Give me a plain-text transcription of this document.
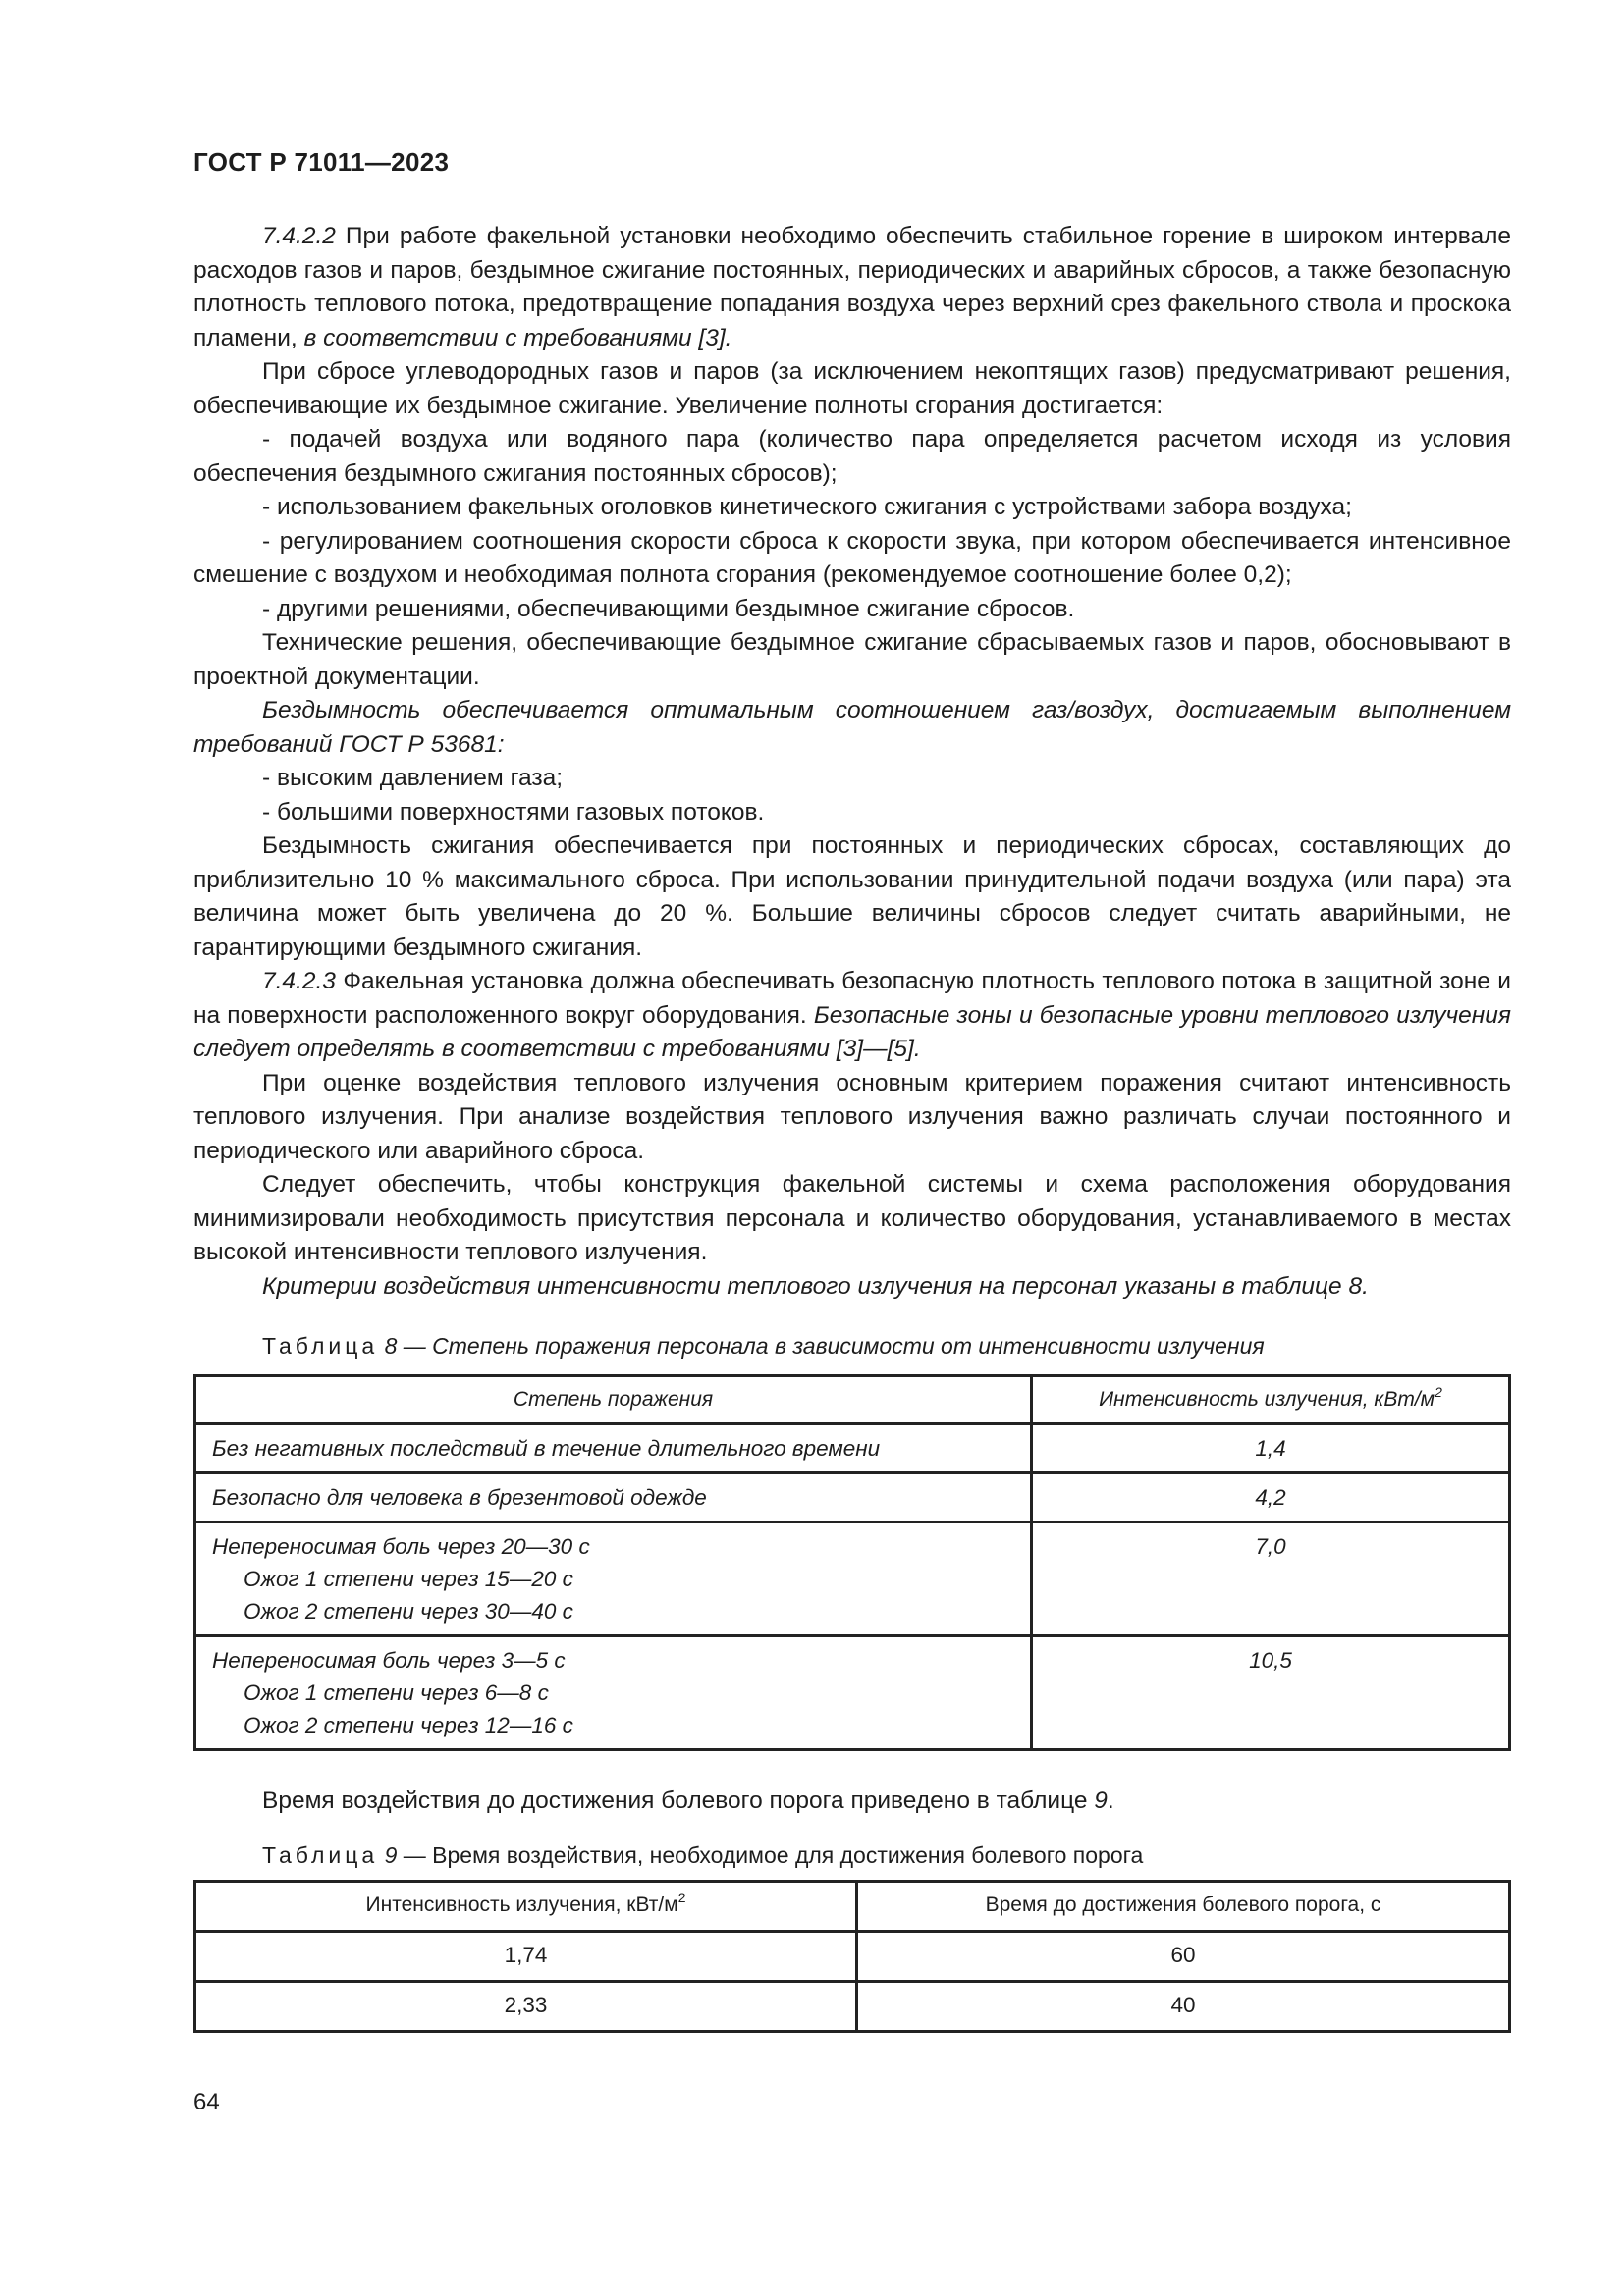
ГОСТ Р 71011—2023

7.4.2.2 При работе факельной установки необходимо обеспечить стабильное горение в широком интервале расходов газов и паров, бездымное сжигание постоянных, периодических и аварийных сбросов, а также безопасную плотность теплового потока, предотвращение попадания воздуха через верхний срез факельного ствола и проскока пламени, в соответствии с требованиями [3].

При сбросе углеводородных газов и паров (за исключением некоптящих газов) предусматривают решения, обеспечивающие их бездымное сжигание. Увеличение полноты сгорания достигается:

- подачей воздуха или водяного пара (количество пара определяется расчетом исходя из условия обеспечения бездымного сжигания постоянных сбросов);

- использованием факельных оголовков кинетического сжигания с устройствами забора воздуха;

- регулированием соотношения скорости сброса к скорости звука, при котором обеспечивается интенсивное смешение с воздухом и необходимая полнота сгорания (рекомендуемое соотношение более 0,2);

- другими решениями, обеспечивающими бездымное сжигание сбросов.

Технические решения, обеспечивающие бездымное сжигание сбрасываемых газов и паров, обосновывают в проектной документации.

Бездымность обеспечивается оптимальным соотношением газ/воздух, достигаемым выполнением требований ГОСТ Р 53681:

- высоким давлением газа;

- большими поверхностями газовых потоков.

Бездымность сжигания обеспечивается при постоянных и периодических сбросах, составляющих до приблизительно 10 % максимального сброса. При использовании принудительной подачи воздуха (или пара) эта величина может быть увеличена до 20 %. Большие величины сбросов следует считать аварийными, не гарантирующими бездымного сжигания.

7.4.2.3 Факельная установка должна обеспечивать безопасную плотность теплового потока в защитной зоне и на поверхности расположенного вокруг оборудования. Безопасные зоны и безопасные уровни теплового излучения следует определять в соответствии с требованиями [3]—[5].

При оценке воздействия теплового излучения основным критерием поражения считают интенсивность теплового излучения. При анализе воздействия теплового излучения важно различать случаи постоянного и периодического или аварийного сброса.

Следует обеспечить, чтобы конструкция факельной системы и схема расположения оборудования минимизировали необходимость присутствия персонала и количество оборудования, устанавливаемого в местах высокой интенсивности теплового излучения.

Критерии воздействия интенсивности теплового излучения на персонал указаны в таблице 8.

Таблица 8 — Степень поражения персонала в зависимости от интенсивности излучения

Степень поражения	Интенсивность излучения, кВт/$м^2$
Без негативных последствий в течение длительного времени	1,4
Безопасно для человека в брезентовой одежде	4,2

Непереносимая боль через 20—30 с
Ожог 1 степени через 15—20 с
Ожог 2 степени через 30—40 с	7,0

Непереносимая боль через 3—5 с
Ожог 1 степени через 6—8 с
Ожог 2 степени через 12—16 с	10,5

Время воздействия до достижения болевого порога приведено в таблице 9.

Таблица 9 — Время воздействия, необходимое для достижения болевого порога

Интенсивность излучения, кВт/$м^2$	Время до достижения болевого порога, с
1,74	60
2,33	40
64
